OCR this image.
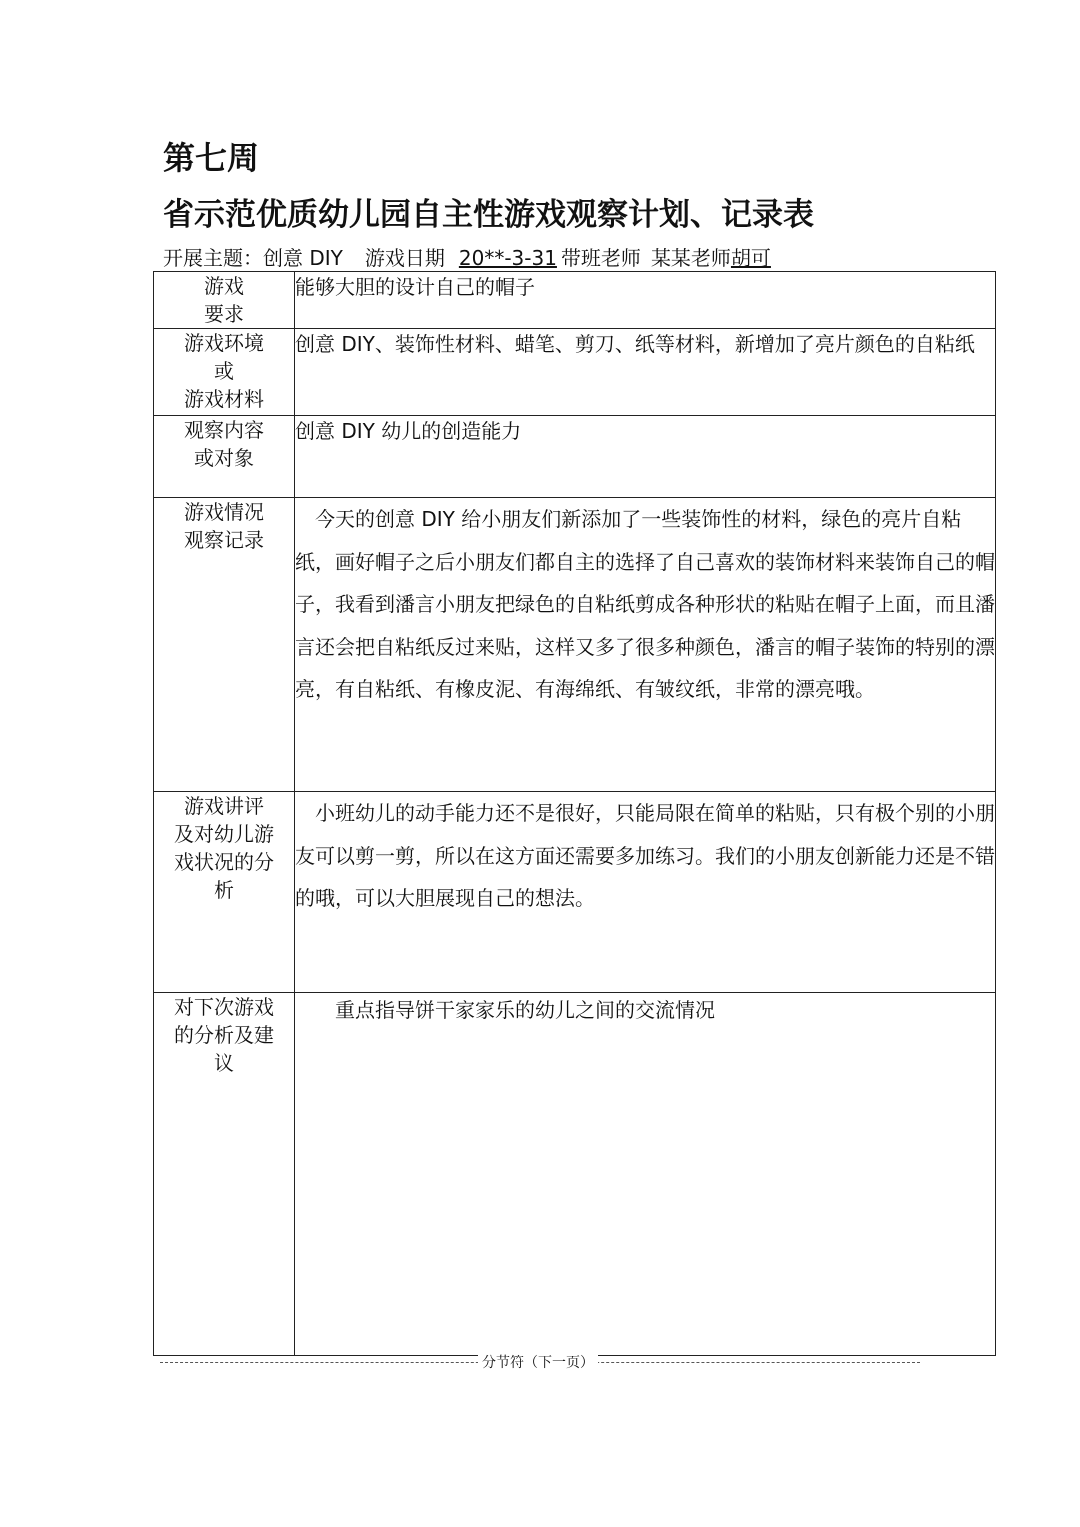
第七周
省示范优质幼儿园自主性游戏观察计划、记录表
开展主题：创意 DIY 游戏日期 20**-3-31 带班老师 某某老师胡可
游戏
要求	能够大胆的设计自己的帽子

游戏环境
或
游戏材料	创意 DIY、装饰性材料、蜡笔、剪刀、纸等材料，新增加了亮片颜色的自粘纸

观察内容
或对象	创意 DIY 幼儿的创造能力

游戏情况
观察记录	今天的创意 DIY 给小朋友们新添加了一些装饰性的材料，绿色的亮片自粘纸，画好帽子之后小朋友们都自主的选择了自己喜欢的装饰材料来装饰自己的帽子，我看到潘言小朋友把绿色的自粘纸剪成各种形状的粘贴在帽子上面，而且潘言还会把自粘纸反过来贴，这样又多了很多种颜色，潘言的帽子装饰的特别的漂亮，有自粘纸、有橡皮泥、有海绵纸、有皱纹纸，非常的漂亮哦。

游戏讲评
及对幼儿游
戏状况的分
析	小班幼儿的动手能力还不是很好，只能局限在简单的粘贴，只有极个别的小朋友可以剪一剪，所以在这方面还需要多加练习。我们的小朋友创新能力还是不错的哦，可以大胆展现自己的想法。

对下次游戏
的分析及建
议	重点指导饼干家家乐的幼儿之间的交流情况
分节符（下一页）
